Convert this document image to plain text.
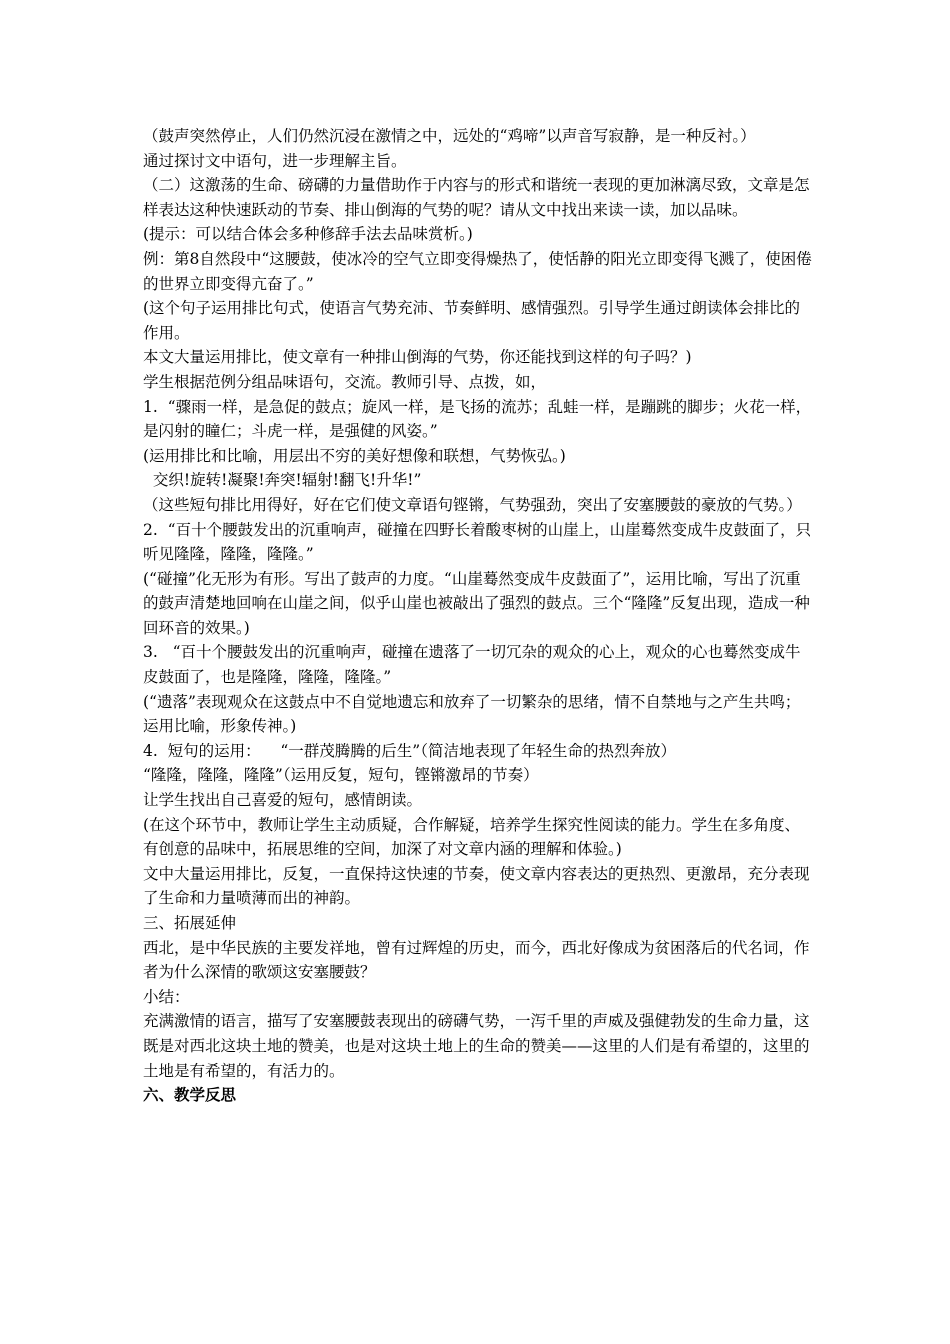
（鼓声突然停止，人们仍然沉浸在激情之中，远处的“鸡啼”以声音写寂静，是一种反衬。）

通过探讨文中语句，进一步理解主旨。

（二）这激荡的生命、磅礴的力量借助作于内容与的形式和谐统一表现的更加淋漓尽致，文章是怎样表达这种快速跃动的节奏、排山倒海的气势的呢？请从文中找出来读一读，加以品味。

(提示：可以结合体会多种修辞手法去品味赏析。)

例：第8自然段中“这腰鼓，使冰冷的空气立即变得燥热了，使恬静的阳光立即变得飞溅了，使困倦的世界立即变得亢奋了。”

(这个句子运用排比句式，使语言气势充沛、节奏鲜明、感情强烈。引导学生通过朗读体会排比的作用。

本文大量运用排比，使文章有一种排山倒海的气势，你还能找到这样的句子吗？)

学生根据范例分组品味语句，交流。教师引导、点拨，如，

1.  “骤雨一样，是急促的鼓点；旋风一样，是飞扬的流苏；乱蛙一样，是蹦跳的脚步；火花一样，是闪射的瞳仁；斗虎一样，是强健的风姿。”

(运用排比和比喻，用层出不穷的美好想像和联想，气势恢弘。)

交织!旋转!凝聚!奔突!辐射!翻飞!升华!”

（这些短句排比用得好，好在它们使文章语句铿锵，气势强劲，突出了安塞腰鼓的豪放的气势。）

2.  “百十个腰鼓发出的沉重响声，碰撞在四野长着酸枣树的山崖上，山崖蓦然变成牛皮鼓面了，只听见隆隆，隆隆，隆隆。”

(“碰撞”化无形为有形。写出了鼓声的力度。“山崖蓦然变成牛皮鼓面了”，运用比喻，写出了沉重的鼓声清楚地回响在山崖之间，似乎山崖也被敲出了强烈的鼓点。三个“隆隆”反复出现，造成一种回环音的效果。)

3.   “百十个腰鼓发出的沉重响声，碰撞在遗落了一切冗杂的观众的心上，观众的心也蓦然变成牛皮鼓面了，也是隆隆，隆隆，隆隆。”

(“遗落”表现观众在这鼓点中不自觉地遗忘和放弃了一切繁杂的思绪，情不自禁地与之产生共鸣；运用比喻，形象传神。)

4.  短句的运用：    “一群茂腾腾的后生”（简洁地表现了年轻生命的热烈奔放）

“隆隆，隆隆，隆隆”（运用反复，短句，铿锵激昂的节奏）

让学生找出自己喜爱的短句，感情朗读。

(在这个环节中，教师让学生主动质疑，合作解疑，培养学生探究性阅读的能力。学生在多角度、有创意的品味中，拓展思维的空间，加深了对文章内涵的理解和体验。)

文中大量运用排比，反复，一直保持这快速的节奏，使文章内容表达的更热烈、更激昂，充分表现了生命和力量喷薄而出的神韵。

三、拓展延伸

西北，是中华民族的主要发祥地，曾有过辉煌的历史，而今，西北好像成为贫困落后的代名词，作者为什么深情的歌颂这安塞腰鼓？

小结：

充满激情的语言，描写了安塞腰鼓表现出的磅礴气势，一泻千里的声威及强健勃发的生命力量，这既是对西北这块土地的赞美，也是对这块土地上的生命的赞美——这里的人们是有希望的，这里的土地是有希望的，有活力的。

六、教学反思
